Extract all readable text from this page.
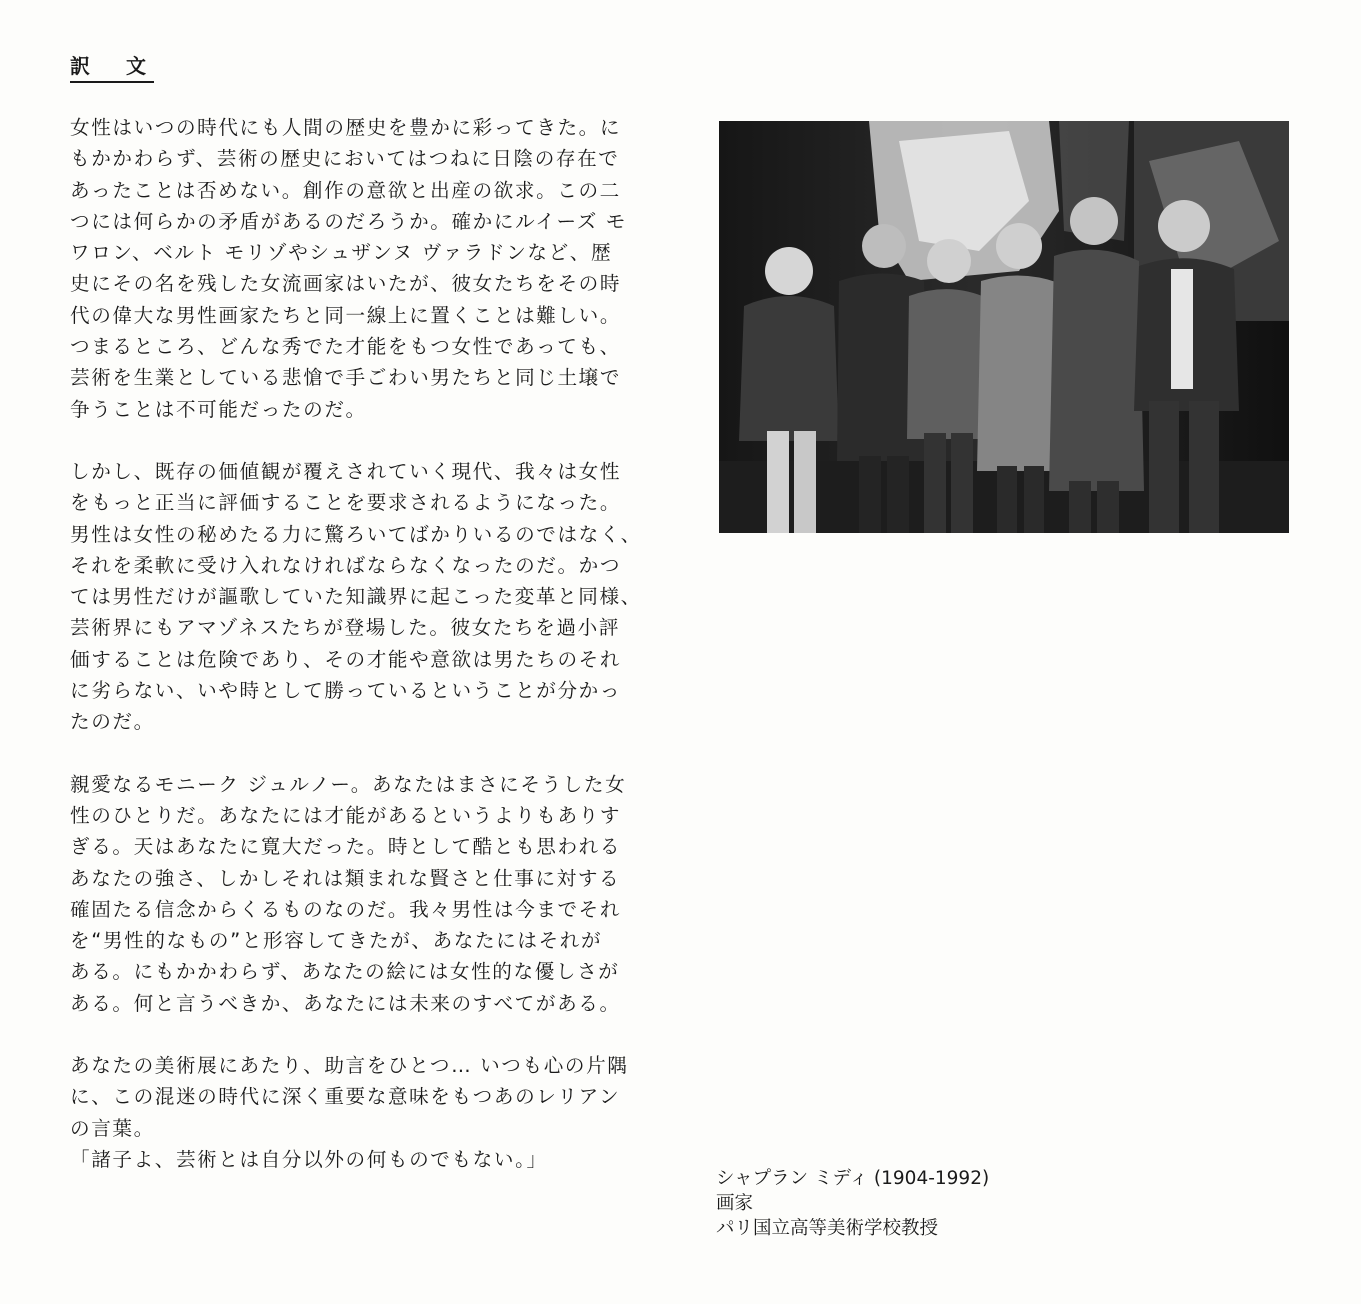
訳　文
女性はいつの時代にも人間の歴史を豊かに彩ってきた。に
もかかわらず、芸術の歴史においてはつねに日陰の存在で
あったことは否めない。創作の意欲と出産の欲求。この二
つには何らかの矛盾があるのだろうか。確かにルイーズ モ
ワロン、ベルト モリゾやシュザンヌ ヴァラドンなど、歴
史にその名を残した女流画家はいたが、彼女たちをその時
代の偉大な男性画家たちと同一線上に置くことは難しい。
つまるところ、どんな秀でた才能をもつ女性であっても、
芸術を生業としている悲愴で手ごわい男たちと同じ土壌で
争うことは不可能だったのだ。
しかし、既存の価値観が覆えされていく現代、我々は女性
をもっと正当に評価することを要求されるようになった。
男性は女性の秘めたる力に驚ろいてばかりいるのではなく、
それを柔軟に受け入れなければならなくなったのだ。かつ
ては男性だけが謳歌していた知識界に起こった変革と同様、
芸術界にもアマゾネスたちが登場した。彼女たちを過小評
価することは危険であり、その才能や意欲は男たちのそれ
に劣らない、いや時として勝っているということが分かっ
たのだ。
親愛なるモニーク ジュルノー。あなたはまさにそうした女
性のひとりだ。あなたには才能があるというよりもありす
ぎる。天はあなたに寛大だった。時として酷とも思われる
あなたの強さ、しかしそれは類まれな賢さと仕事に対する
確固たる信念からくるものなのだ。我々男性は今までそれ
を“男性的なもの”と形容してきたが、あなたにはそれが
ある。にもかかわらず、あなたの絵には女性的な優しさが
ある。何と言うべきか、あなたには未来のすべてがある。
あなたの美術展にあたり、助言をひとつ… いつも心の片隅
に、この混迷の時代に深く重要な意味をもつあのレリアン
の言葉。
「諸子よ、芸術とは自分以外の何ものでもない。」
シャプラン ミディ (1904-1992)
画家
パリ国立高等美術学校教授
